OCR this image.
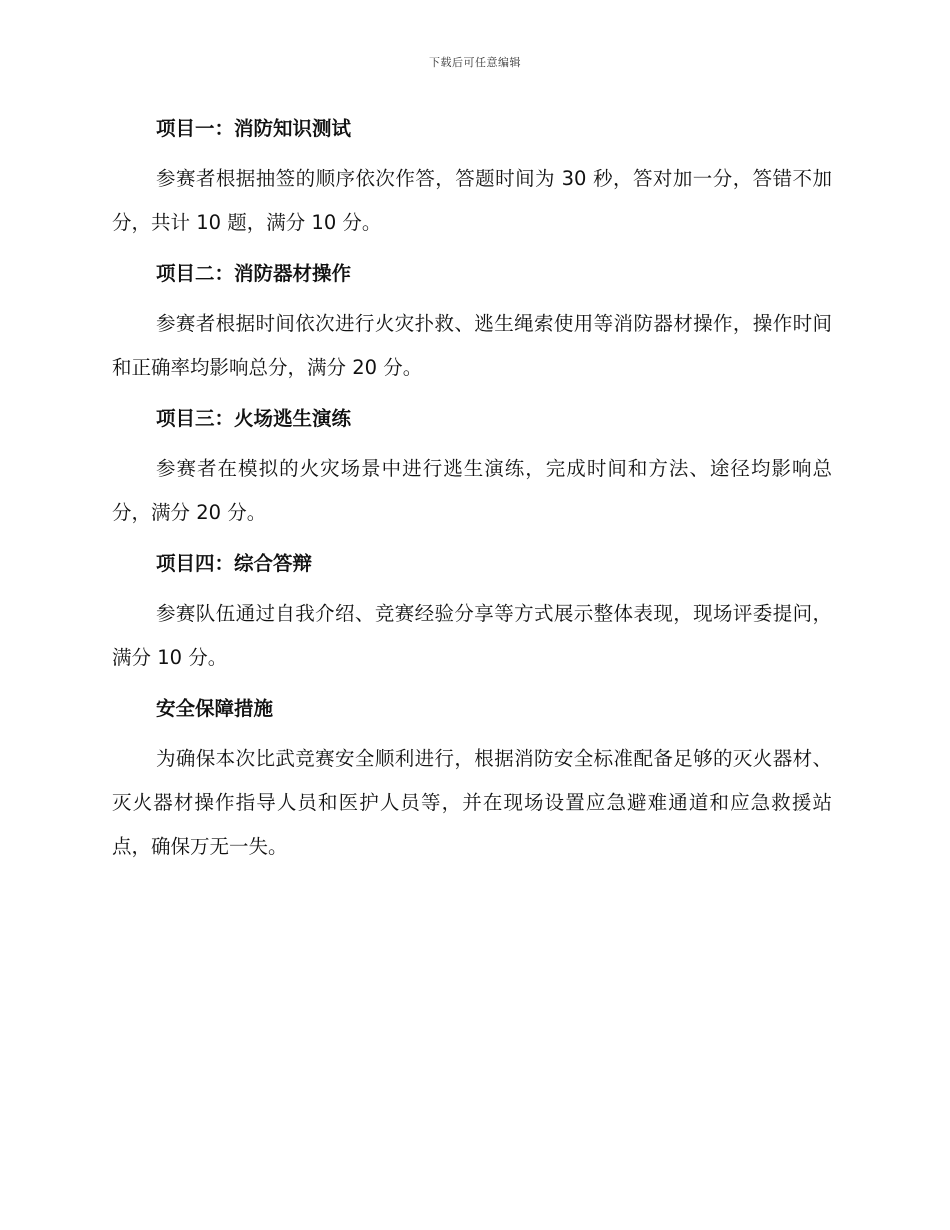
下载后可任意编辑
项目一：消防知识测试

参赛者根据抽签的顺序依次作答，答题时间为 30 秒，答对加一分，答错不加分，共计 10 题，满分 10 分。

项目二：消防器材操作

参赛者根据时间依次进行火灾扑救、逃生绳索使用等消防器材操作，操作时间和正确率均影响总分，满分 20 分。

项目三：火场逃生演练

参赛者在模拟的火灾场景中进行逃生演练，完成时间和方法、途径均影响总分，满分 20 分。

项目四：综合答辩

参赛队伍通过自我介绍、竞赛经验分享等方式展示整体表现，现场评委提问，满分 10 分。

安全保障措施

为确保本次比武竞赛安全顺利进行，根据消防安全标准配备足够的灭火器材、灭火器材操作指导人员和医护人员等，并在现场设置应急避难通道和应急救援站点，确保万无一失。
